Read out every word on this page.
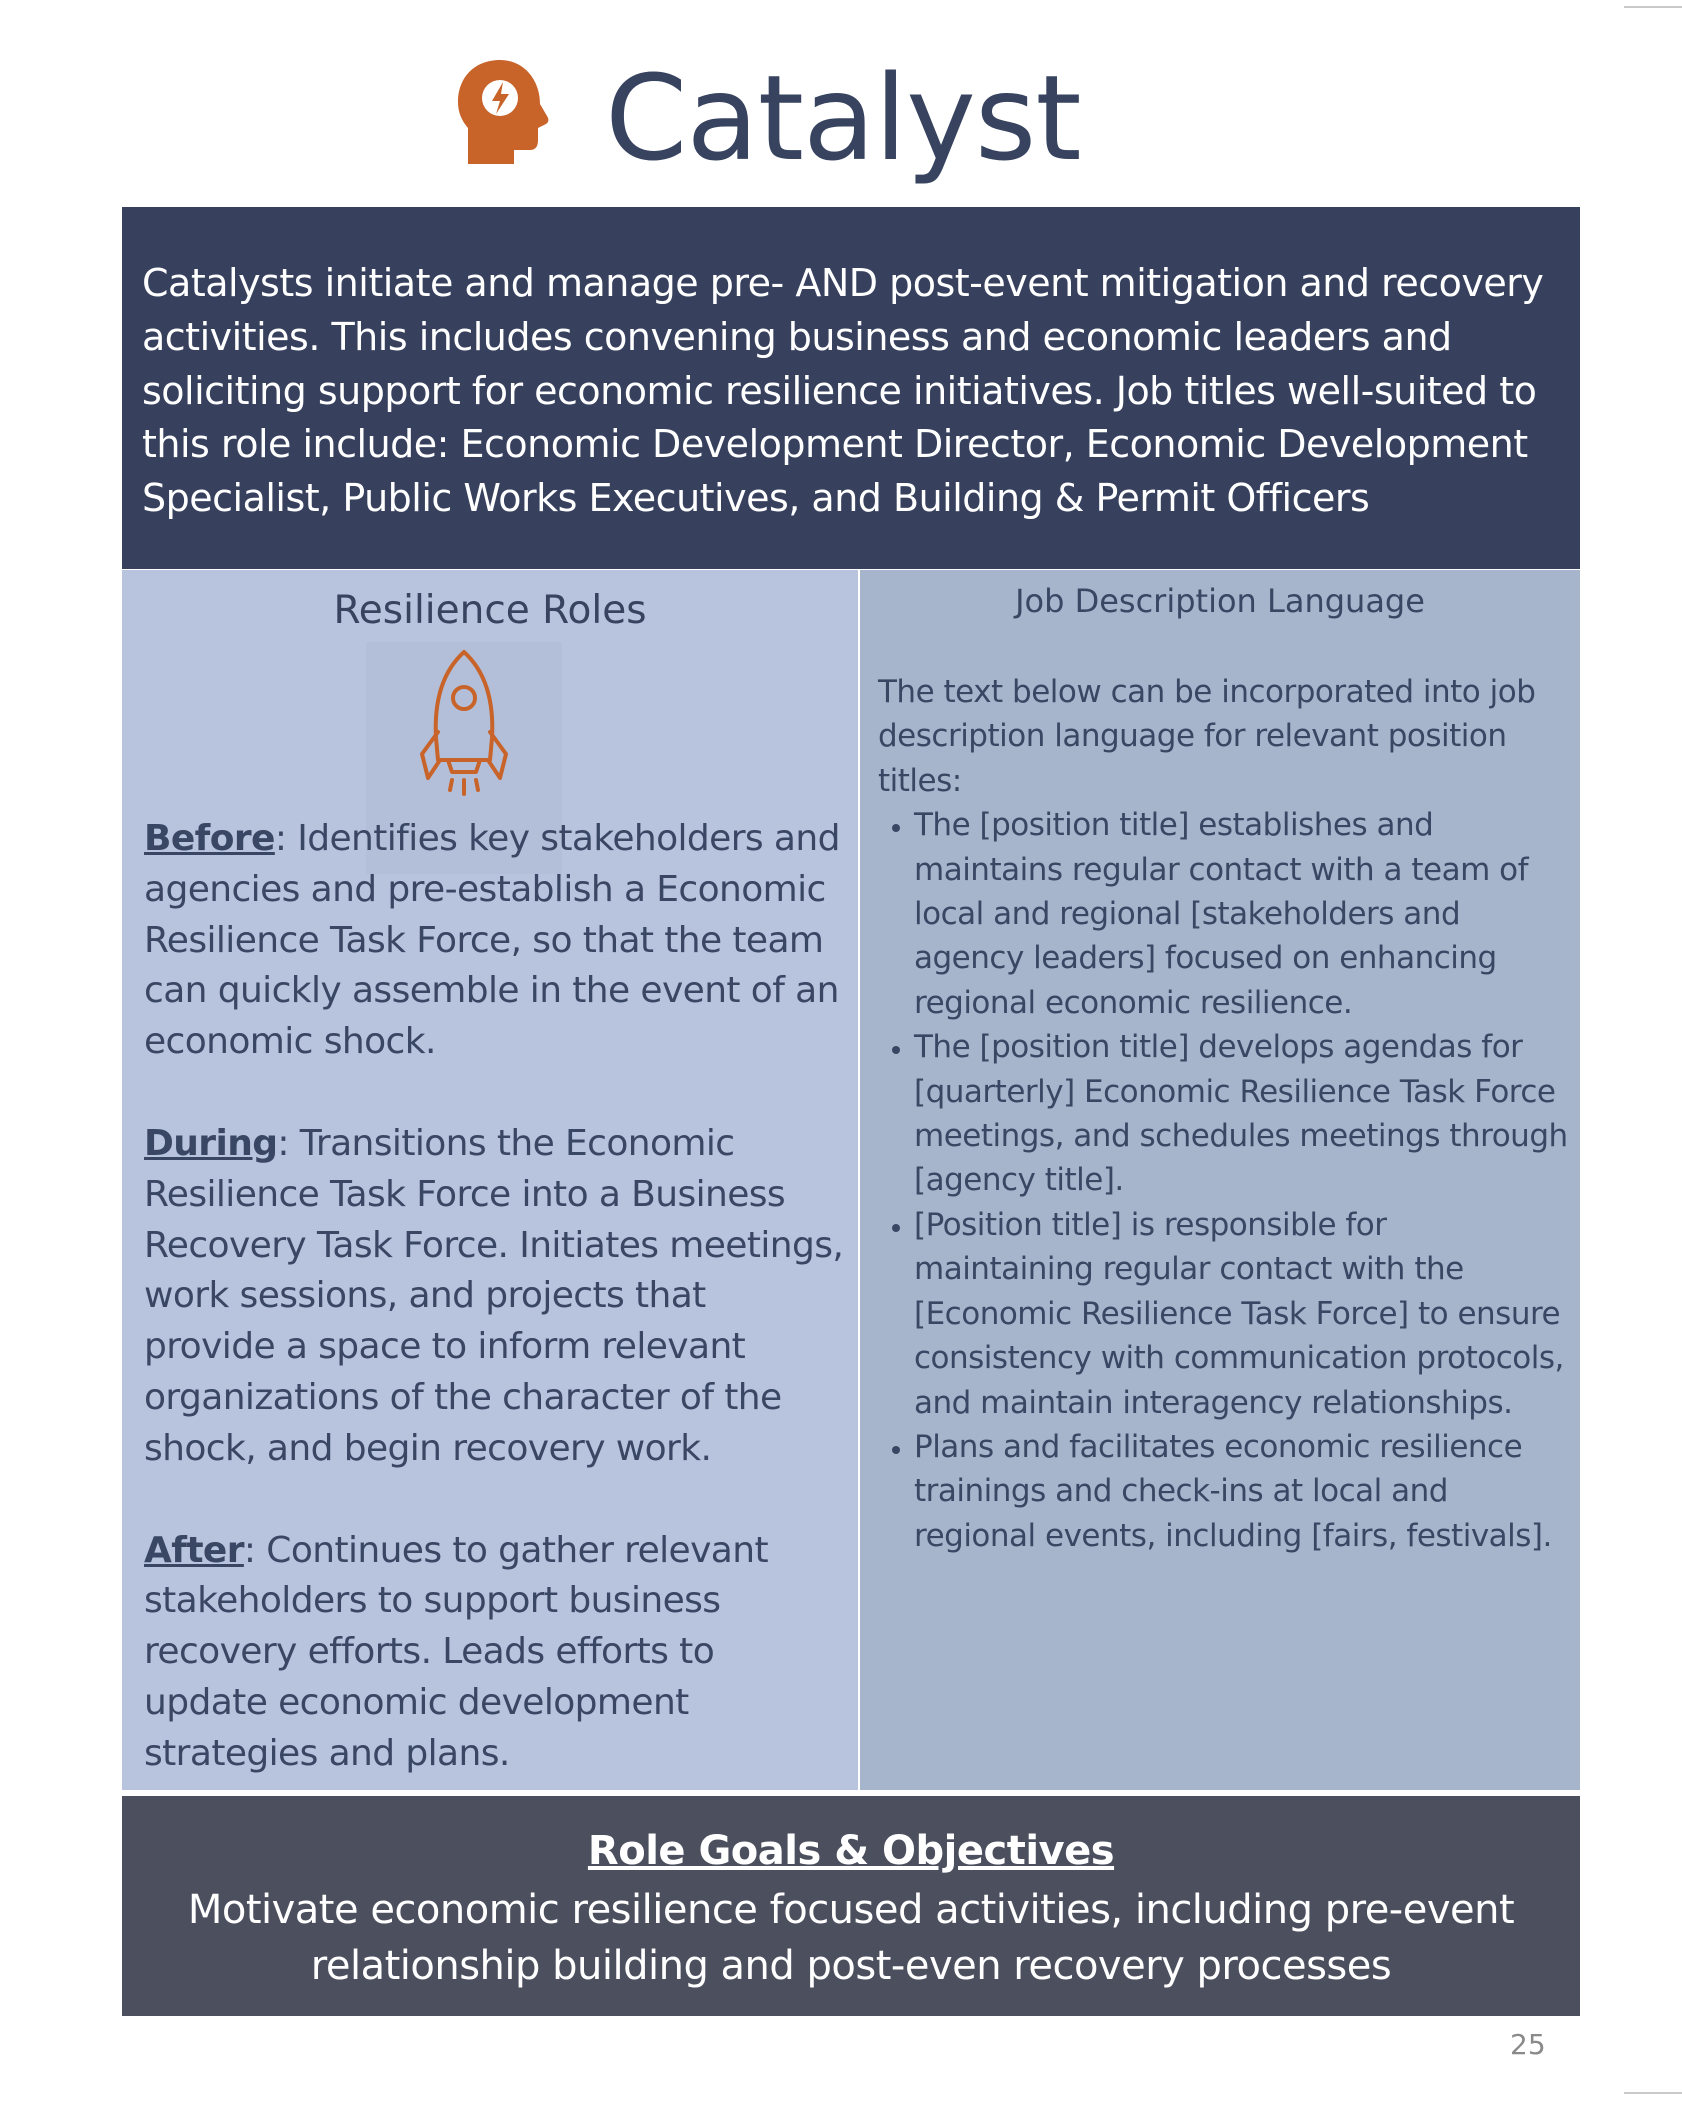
Catalyst

Catalysts initiate and manage pre- AND post-event mitigation and recovery activities. This includes convening business and economic leaders and soliciting support for economic resilience initiatives. Job titles well-suited to this role include: Economic Development Director, Economic Development Specialist, Public Works Executives, and Building & Permit Officers

Resilience Roles

Before: Identifies key stakeholders and agencies and pre-establish a Economic Resilience Task Force, so that the team can quickly assemble in the event of an economic shock.

During: Transitions the Economic Resilience Task Force into a Business Recovery Task Force. Initiates meetings, work sessions, and projects that provide a space to inform relevant organizations of the character of the shock, and begin recovery work.

After: Continues to gather relevant stakeholders to support business recovery efforts. Leads efforts to update economic development strategies and plans.

Job Description Language

The text below can be incorporated into job description language for relevant position titles:

• The [position title] establishes and maintains regular contact with a team of local and regional [stakeholders and agency leaders] focused on enhancing regional economic resilience.
• The [position title] develops agendas for [quarterly] Economic Resilience Task Force meetings, and schedules meetings through [agency title].
• [Position title] is responsible for maintaining regular contact with the [Economic Resilience Task Force] to ensure consistency with communication protocols, and maintain interagency relationships.
• Plans and facilitates economic resilience trainings and check-ins at local and regional events, including [fairs, festivals].
Role Goals & Objectives

Motivate economic resilience focused activities, including pre-event relationship building and post-even recovery processes

25
